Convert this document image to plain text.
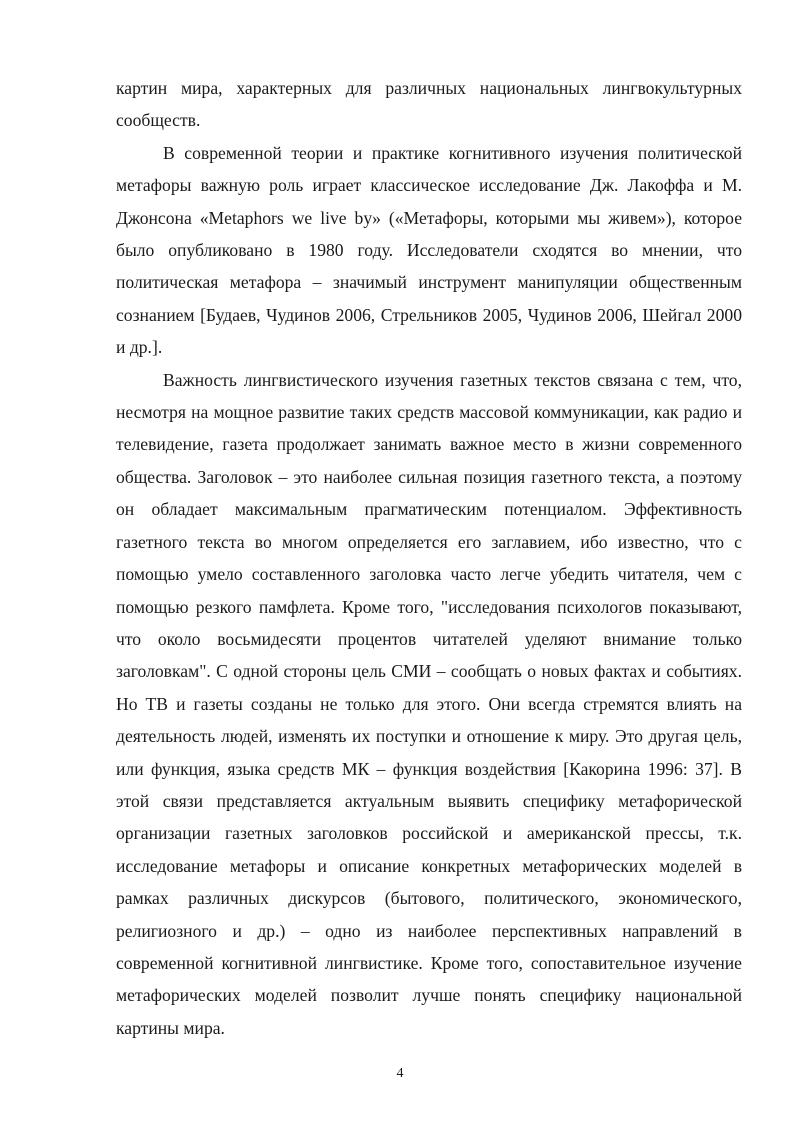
картин мира, характерных для различных национальных лингвокультурных сообществ.

В современной теории и практике когнитивного изучения политической метафоры важную роль играет классическое исследование Дж. Лакоффа и М. Джонсона «Metaphors we live by» («Метафоры, которыми мы живем»), которое было опубликовано в 1980 году. Исследователи сходятся во мнении, что политическая метафора – значимый инструмент манипуляции общественным сознанием [Будаев, Чудинов 2006, Стрельников 2005, Чудинов 2006, Шейгал 2000 и др.].

Важность лингвистического изучения газетных текстов связана с тем, что, несмотря на мощное развитие таких средств массовой коммуникации, как радио и телевидение, газета продолжает занимать важное место в жизни современного общества. Заголовок – это наиболее сильная позиция газетного текста, а поэтому он обладает максимальным прагматическим потенциалом. Эффективность газетного текста во многом определяется его заглавием, ибо известно, что с помощью умело составленного заголовка часто легче убедить читателя, чем с помощью резкого памфлета. Кроме того, "исследования психологов показывают, что около восьмидесяти процентов читателей уделяют внимание только заголовкам". С одной стороны цель СМИ – сообщать о новых фактах и событиях. Но ТВ и газеты созданы не только для этого. Они всегда стремятся влиять на деятельность людей, изменять их поступки и отношение к миру. Это другая цель, или функция, языка средств МК – функция воздействия [Какорина 1996: 37]. В этой связи представляется актуальным выявить специфику метафорической организации газетных заголовков российской и американской прессы, т.к. исследование метафоры и описание конкретных метафорических моделей в рамках различных дискурсов (бытового, политического, экономического, религиозного и др.) – одно из наиболее перспективных направлений в современной когнитивной лингвистике. Кроме того, сопоставительное изучение метафорических моделей позволит лучше понять специфику национальной картины мира.

4
